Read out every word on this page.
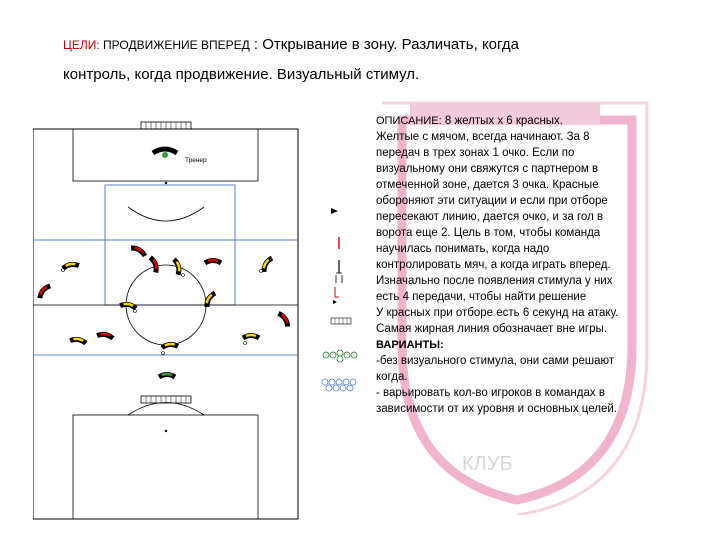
ЦЕЛИ: ПРОДВИЖЕНИЕ ВПЕРЕД : Открывание в зону. Различать, когда
контроль, когда продвижение. Визуальный стимул.
КЛУБ
Тренер
ОПИСАНИЕ: 8 желтых х 6 красных.
Желтые с мячом, всегда начинают. За 8
передач в трех зонах 1 очко. Если по
визуальному они свяжутся с партнером в
отмеченной зоне, дается 3 очка. Красные
обороняют эти ситуации и если при отборе
пересекают линию, дается очко, и за гол в
ворота еще 2. Цель в том, чтобы команда
научилась понимать, когда надо
контролировать мяч, а когда играть вперед.
Изначально после появления стимула у них
есть 4 передачи, чтобы найти решение
У красных при отборе есть 6 секунд на атаку.
Самая жирная линия обозначает вне игры.
ВАРИАНТЫ:
-без визуального стимула, они сами решают
когда.
- варьировать кол-во игроков в командах в
зависимости от их уровня и основных целей.
